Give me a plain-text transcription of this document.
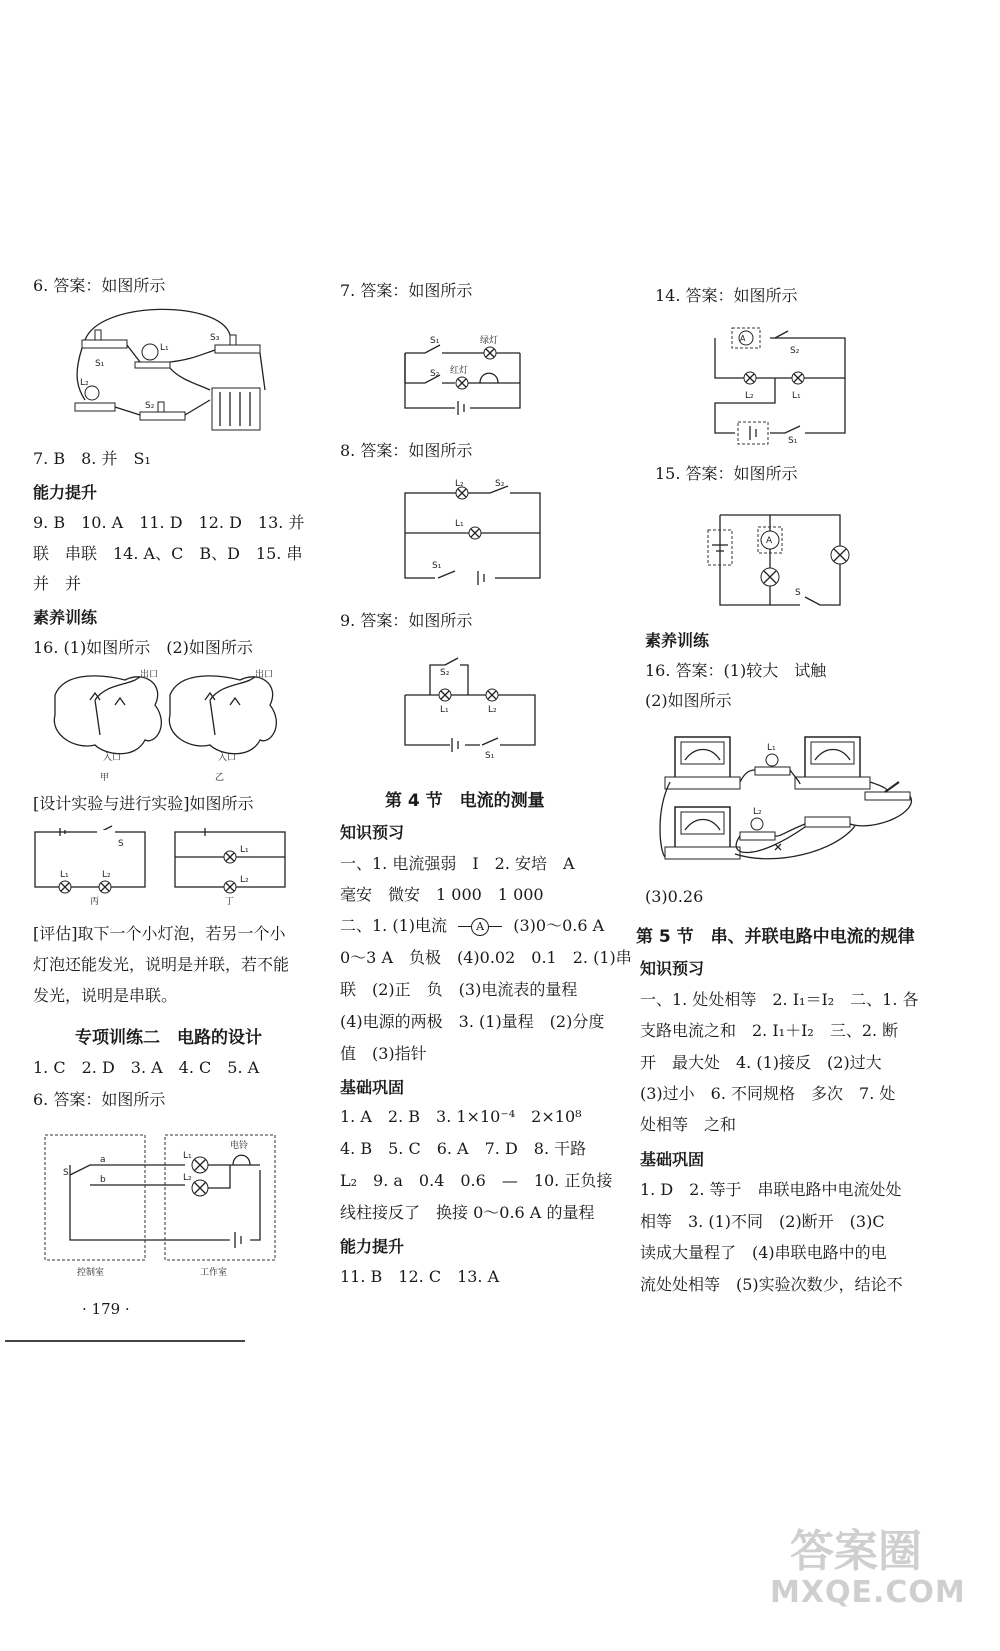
6. 答案：如图所示
S₃
L₁
S₁
L₂
S₂
7. B　8. 并　S₁
能力提升
9. B　10. A　11. D　12. D　13. 并
联　串联　14. A、C　B、D　15. 串
并　并
素养训练
16. (1)如图所示　(2)如图所示
出口	出口
入口	入口
甲	乙
[设计实验与进行实验]如图所示
S
L₁	L₂
丙
L₁
L₂
丁
[评估]取下一个小灯泡，若另一个小
灯泡还能发光，说明是并联，若不能
发光，说明是串联。
专项训练二　电路的设计
1. C　2. D　3. A　4. C　5. A
6. 答案：如图所示
电铃
S
a
b
L₁
L₂
控制室	工作室
· 179 ·
7. 答案：如图所示
S₁	绿灯
S₂ 红灯
8. 答案：如图所示
L₂	S₂
L₁
S₁
9. 答案：如图所示
S₂
L₁	L₂
S₁
第 4 节　电流的测量
知识预习
一、1. 电流强弱　I　2. 安培　A
毫安　微安　1 000　1 000
二、1. (1)电流	A	(3)0～0.6 A
0～3 A　负极　(4)0.02　0.1　2. (1)串
联　(2)正　负　(3)电流表的量程
(4)电源的两极　3. (1)量程　(2)分度
值　(3)指针
基础巩固
1. A　2. B　3. 1×10⁻⁴　2×10⁸
4. B　5. C　6. A　7. D　8. 干路
L₂　9. a　0.4　0.6　—　10. 正负接
线柱接反了　换接 0～0.6 A 的量程
能力提升
11. B　12. C　13. A
14. 答案：如图所示
A
S₂
L₂	L₁
S₁
15. 答案：如图所示
A
S
素养训练
16. 答案：(1)较大　试触
(2)如图所示
L₁
L₂
(3)0.26
第 5 节　串、并联电路中电流的规律
知识预习
一、1. 处处相等　2. I₁＝I₂　二、1. 各
支路电流之和　2. I₁＋I₂　三、2. 断
开　最大处　4. (1)接反　(2)过大
(3)过小　6. 不同规格　多次　7. 处
处相等　之和
基础巩固
1. D　2. 等于　串联电路中电流处处
相等　3. (1)不同　(2)断开　(3)C
读成大量程了　(4)串联电路中的电
流处处相等　(5)实验次数少，结论不
答案圈
MXQE.COM
